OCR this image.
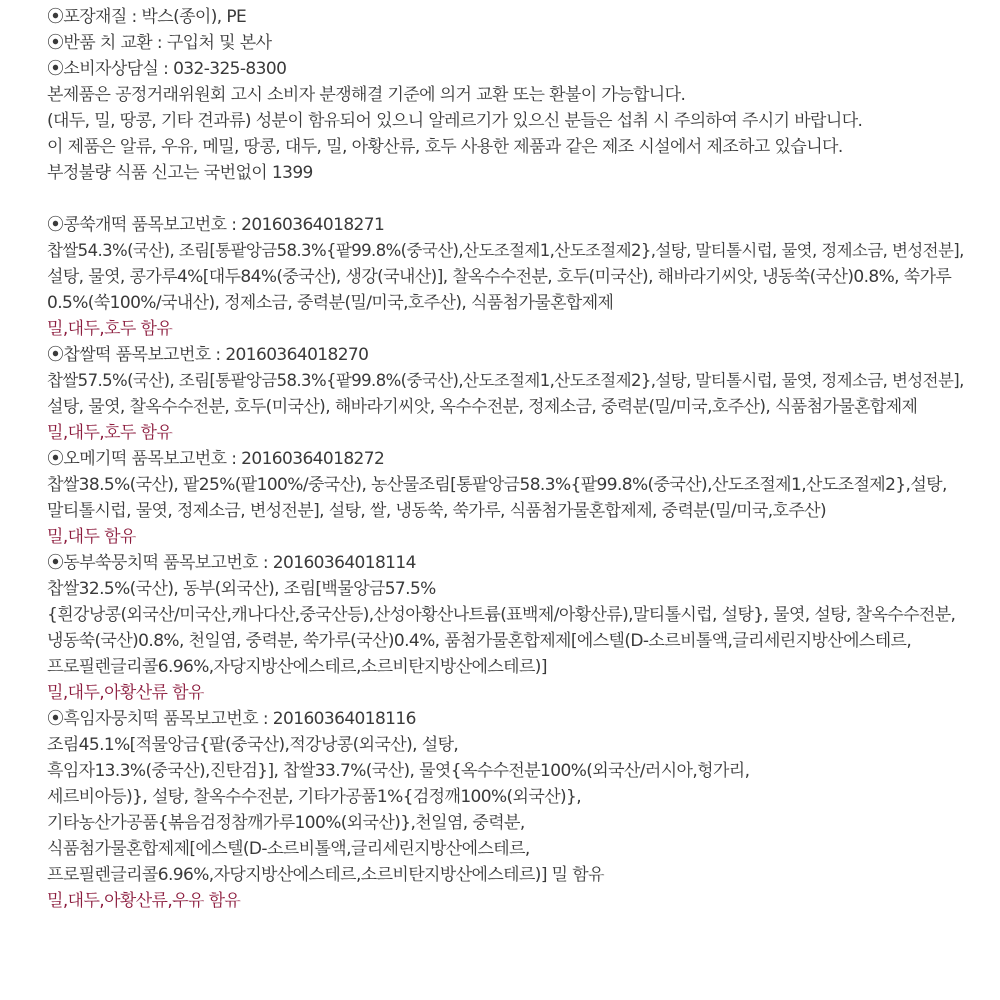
⦿포장재질 : 박스(종이), PE
⦿반품 치 교환 : 구입처 및 본사
⦿소비자상담실 : 032-325-8300
본제품은 공정거래위원회 고시 소비자 분쟁해결 기준에 의거 교환 또는 환불이 가능합니다.
(대두, 밀, 땅콩, 기타 견과류) 성분이 함유되어 있으니 알레르기가 있으신 분들은 섭취 시 주의하여 주시기 바랍니다.
이 제품은 알류, 우유, 메밀, 땅콩, 대두, 밀, 아황산류, 호두 사용한 제품과 같은 제조 시설에서 제조하고 있습니다.
부정불량 식품 신고는 국번없이 1399
⦿콩쑥개떡 품목보고번호 : 20160364018271
찹쌀54.3%(국산), 조림[통팥앙금58.3%{팥99.8%(중국산),산도조절제1,산도조절제2},설탕, 말티톨시럽, 물엿, 정제소금, 변성전분],
설탕, 물엿, 콩가루4%[대두84%(중국산), 생강(국내산)], 찰옥수수전분, 호두(미국산), 해바라기씨앗, 냉동쑥(국산)0.8%, 쑥가루
0.5%(쑥100%/국내산), 정제소금, 중력분(밀/미국,호주산), 식품첨가물혼합제제
밀,대두,호두 함유
⦿찹쌀떡 품목보고번호 : 20160364018270
찹쌀57.5%(국산), 조림[통팥앙금58.3%{팥99.8%(중국산),산도조절제1,산도조절제2},설탕, 말티톨시럽, 물엿, 정제소금, 변성전분],
설탕, 물엿, 찰옥수수전분, 호두(미국산), 해바라기씨앗, 옥수수전분, 정제소금, 중력분(밀/미국,호주산), 식품첨가물혼합제제
밀,대두,호두 함유
⦿오메기떡 품목보고번호 : 20160364018272
찹쌀38.5%(국산), 팥25%(팥100%/중국산), 농산물조림[통팥앙금58.3%{팥99.8%(중국산),산도조절제1,산도조절제2},설탕,
말티톨시럽, 물엿, 정제소금, 변성전분], 설탕, 쌀, 냉동쑥, 쑥가루, 식품첨가물혼합제제, 중력분(밀/미국,호주산)
밀,대두 함유
⦿동부쑥뭉치떡 품목보고번호 : 20160364018114
찹쌀32.5%(국산), 동부(외국산), 조림[백물앙금57.5%
{흰강낭콩(외국산/미국산,캐나다산,중국산등),산성아황산나트륨(표백제/아황산류),말티톨시럽, 설탕}, 물엿, 설탕, 찰옥수수전분,
냉동쑥(국산)0.8%, 천일염, 중력분, 쑥가루(국산)0.4%, 품첨가물혼합제제[에스텔(D-소르비톨액,글리세린지방산에스테르,
프로필렌글리콜6.96%,자당지방산에스테르,소르비탄지방산에스테르)]
밀,대두,아황산류 함유
⦿흑임자뭉치떡 품목보고번호 : 20160364018116
조림45.1%[적물앙금{팥(중국산),적강낭콩(외국산), 설탕,
흑임자13.3%(중국산),진탄검}], 찹쌀33.7%(국산), 물엿{옥수수전분100%(외국산/러시아,헝가리,
세르비아등)}, 설탕, 찰옥수수전분, 기타가공품1%{검정깨100%(외국산)},
기타농산가공품{볶음검정참깨가루100%(외국산)},천일염, 중력분,
식품첨가물혼합제제[에스텔(D-소르비톨액,글리세린지방산에스테르,
프로필렌글리콜6.96%,자당지방산에스테르,소르비탄지방산에스테르)] 밀 함유
밀,대두,아황산류,우유 함유
